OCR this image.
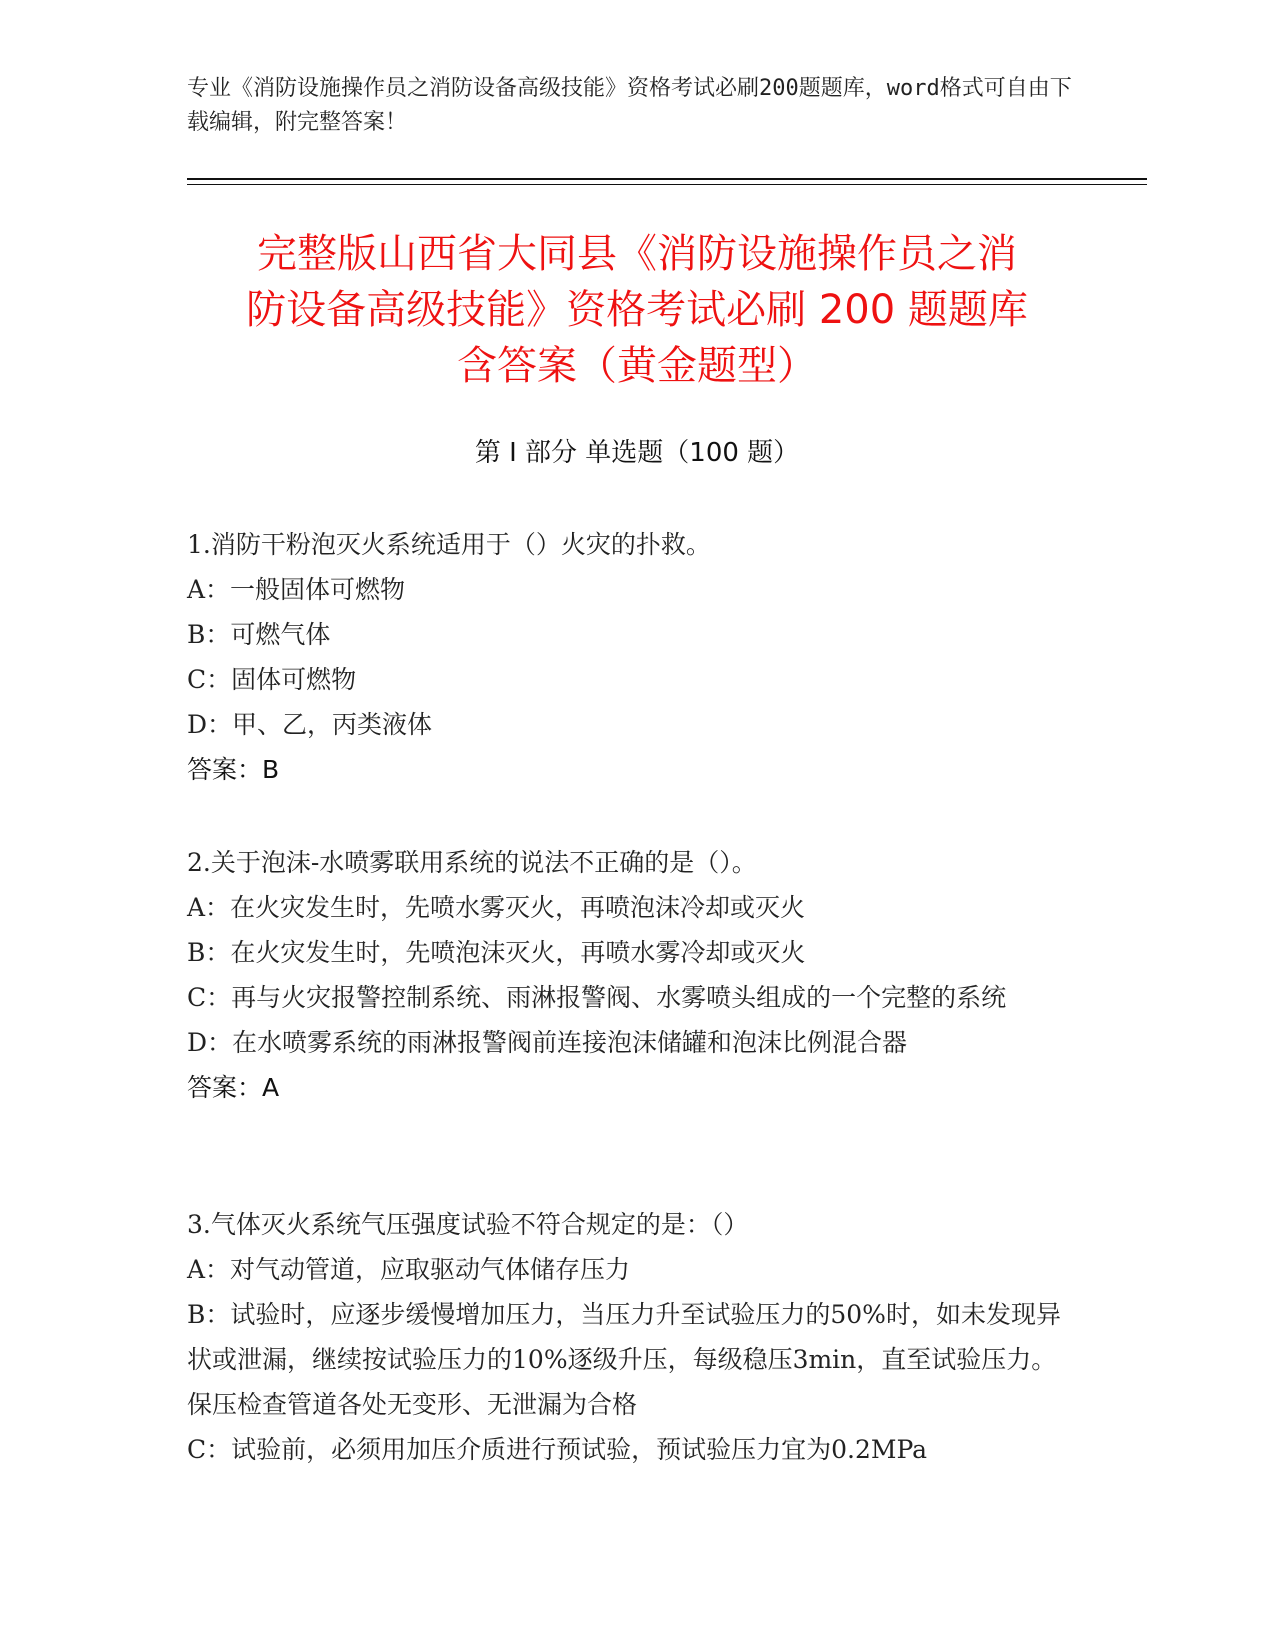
专业《消防设施操作员之消防设备高级技能》资格考试必刷200题题库，word格式可自由下载编辑，附完整答案！
完整版山西省大同县《消防设施操作员之消
防设备高级技能》资格考试必刷 200 题题库
含答案（黄金题型）
第 I 部分 单选题（100 题）
1.消防干粉泡灭火系统适用于（）火灾的扑救。
A：一般固体可燃物
B：可燃气体
C：固体可燃物
D：甲、乙，丙类液体
答案：B
2.关于泡沫-水喷雾联用系统的说法不正确的是（）。
A：在火灾发生时，先喷水雾灭火，再喷泡沫冷却或灭火
B：在火灾发生时，先喷泡沫灭火，再喷水雾冷却或灭火
C：再与火灾报警控制系统、雨淋报警阀、水雾喷头组成的一个完整的系统
D：在水喷雾系统的雨淋报警阀前连接泡沫储罐和泡沫比例混合器
答案：A
3.气体灭火系统气压强度试验不符合规定的是：（）
A：对气动管道，应取驱动气体储存压力
B：试验时，应逐步缓慢增加压力，当压力升至试验压力的50%时，如未发现异状或泄漏，继续按试验压力的10%逐级升压，每级稳压3min，直至试验压力。保压检查管道各处无变形、无泄漏为合格
C：试验前，必须用加压介质进行预试验，预试验压力宜为0.2MPa
